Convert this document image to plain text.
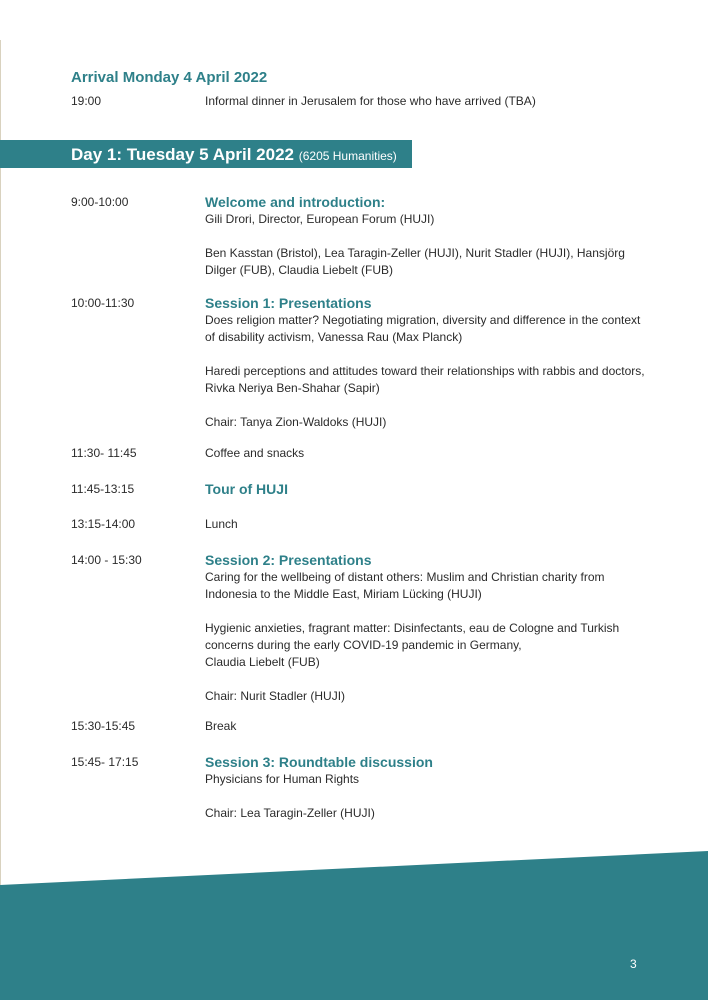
Arrival Monday 4 April 2022
19:00	Informal dinner in Jerusalem for those who have arrived (TBA)
Day 1: Tuesday 5 April 2022 (6205 Humanities)
9:00-10:00	Welcome and introduction:

Gili Drori, Director, European Forum (HUJI)

Ben Kasstan (Bristol), Lea Taragin-Zeller (HUJI), Nurit Stadler (HUJI), Hansjörg Dilger (FUB), Claudia Liebelt (FUB)

10:00-11:30	Session 1: Presentations

Does religion matter? Negotiating migration, diversity and difference in the context of disability activism, Vanessa Rau (Max Planck)

Haredi perceptions and attitudes toward their relationships with rabbis and doctors, Rivka Neriya Ben-Shahar (Sapir)

Chair: Tanya Zion-Waldoks (HUJI)

11:30- 11:45	Coffee and snacks
11:45-13:15	Tour of HUJI

13:15-14:00	Lunch
14:00 - 15:30	Session 2: Presentations

Caring for the wellbeing of distant others: Muslim and Christian charity from Indonesia to the Middle East, Miriam Lücking (HUJI)

Hygienic anxieties, fragrant matter: Disinfectants, eau de Cologne and Turkish concerns during the early COVID-19 pandemic in Germany,

Claudia Liebelt (FUB)

Chair: Nurit Stadler (HUJI)

15:30-15:45	Break
15:45- 17:15	Session 3: Roundtable discussion

Physicians for Human Rights

Chair: Lea Taragin-Zeller (HUJI)

3
